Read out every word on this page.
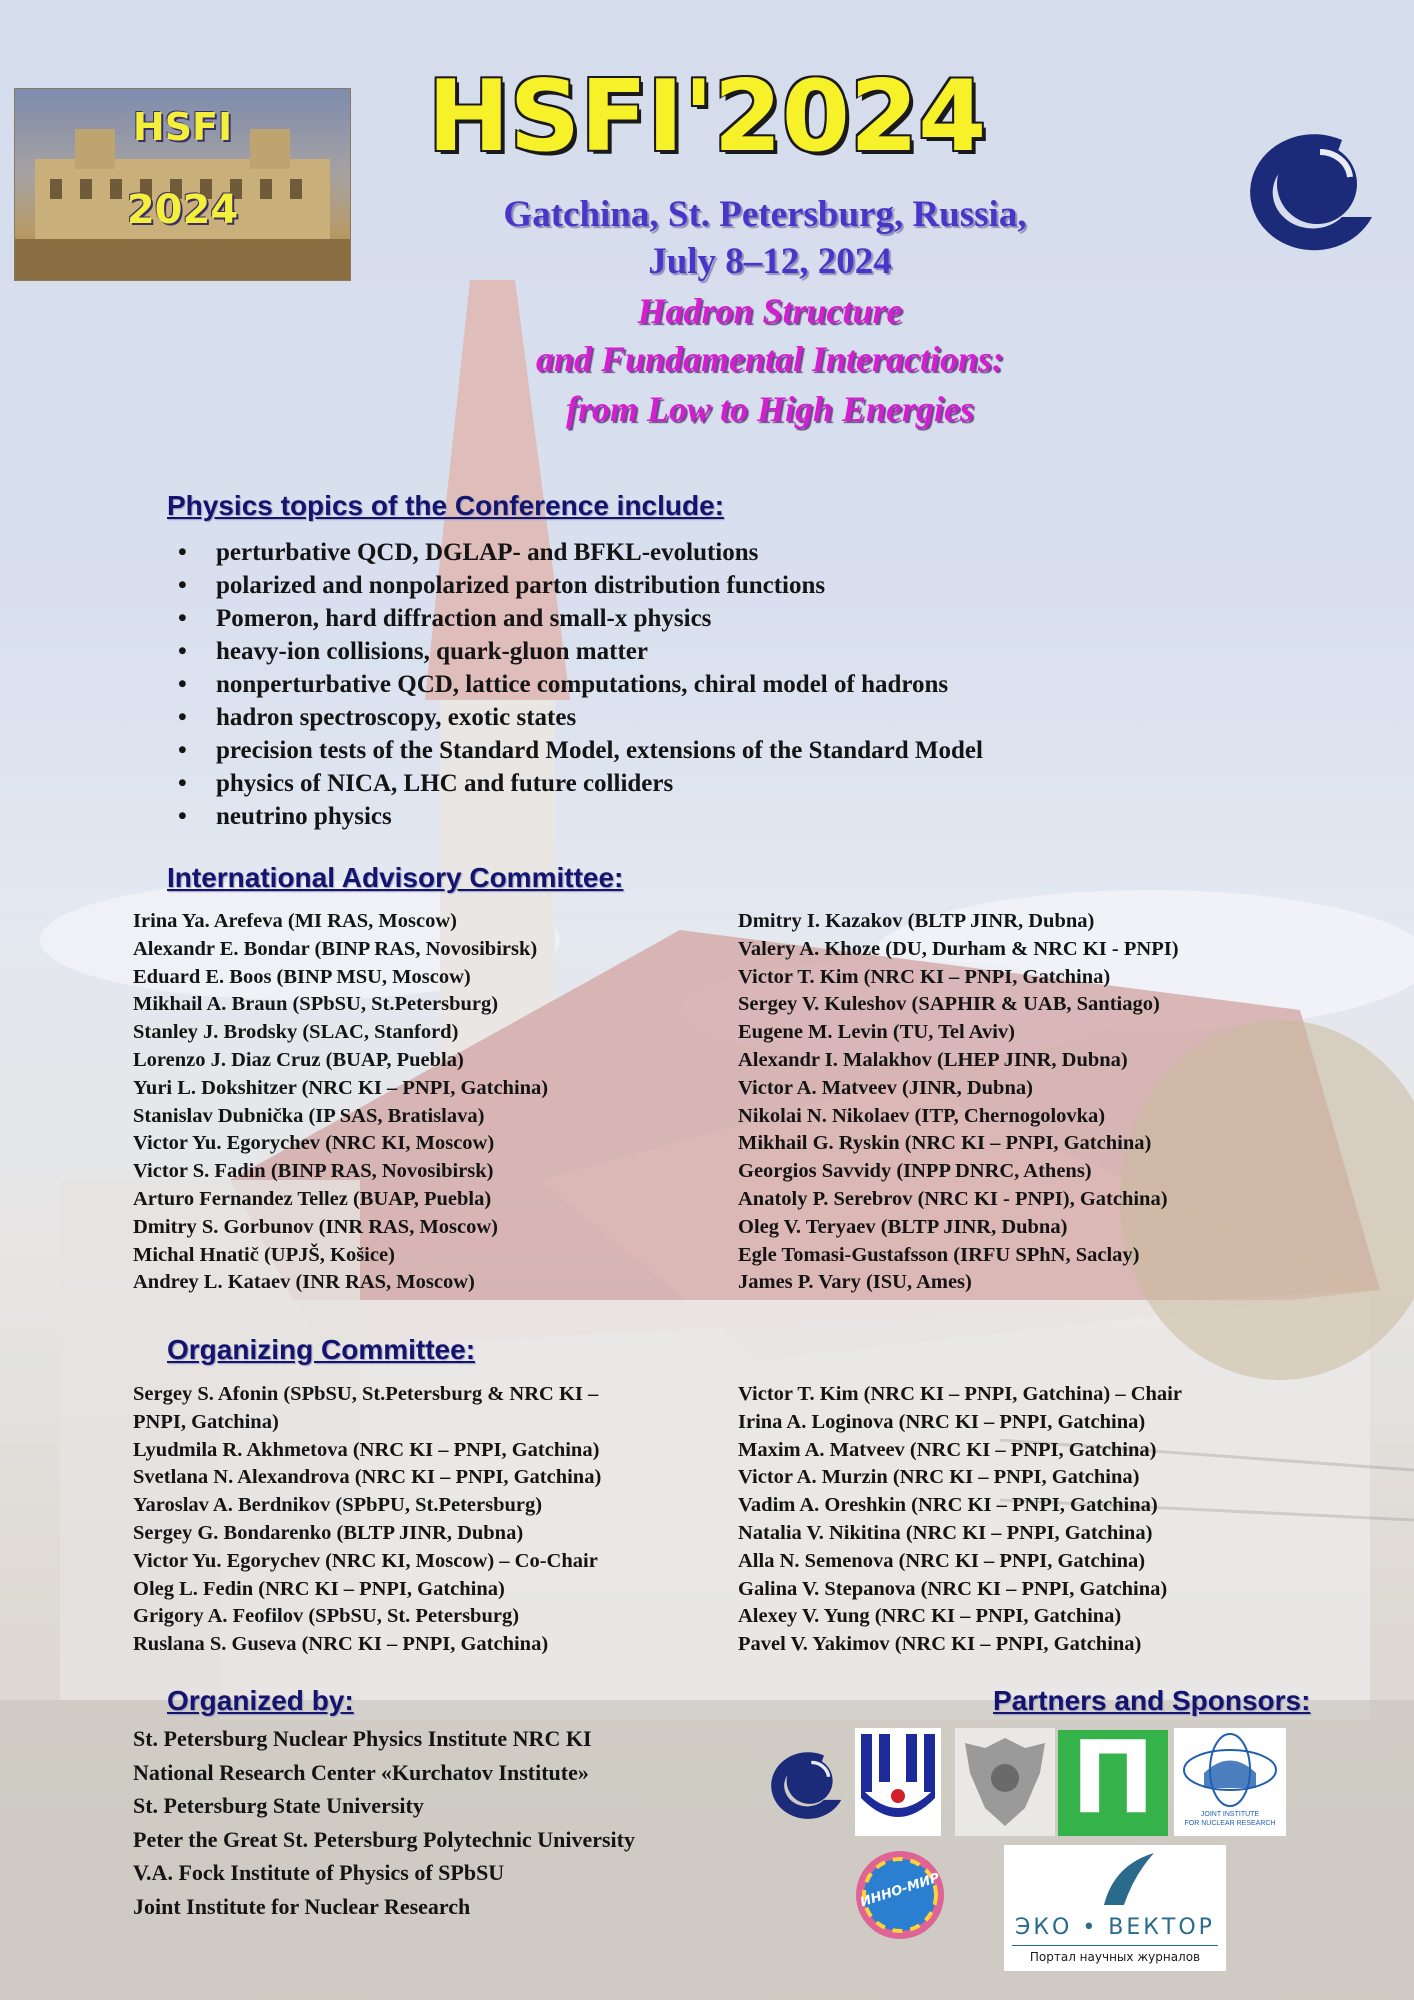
HSFI
2024
HSFI'2024
Gatchina, St. Petersburg, Russia,
July 8–12, 2024
Hadron Structure
and Fundamental Interactions:
from Low to High Energies
Physics topics of the Conference include:
• perturbative QCD, DGLAP- and BFKL-evolutions
• polarized and nonpolarized parton distribution functions
• Pomeron, hard diffraction and small-x physics
• heavy-ion collisions, quark-gluon matter
• nonperturbative QCD, lattice computations, chiral model of hadrons
• hadron spectroscopy, exotic states
• precision tests of the Standard Model, extensions of the Standard Model
• physics of NICA, LHC and future colliders
• neutrino physics
International Advisory Committee:
Irina Ya. Arefeva (MI RAS, Moscow)
Alexandr E. Bondar (BINP RAS, Novosibirsk)
Eduard E. Boos (BINP MSU, Moscow)
Mikhail A. Braun (SPbSU, St.Petersburg)
Stanley J. Brodsky (SLAC, Stanford)
Lorenzo J. Diaz Cruz (BUAP, Puebla)
Yuri L. Dokshitzer (NRC KI – PNPI, Gatchina)
Stanislav Dubnička (IP SAS, Bratislava)
Victor Yu. Egorychev (NRC KI, Moscow)
Victor S. Fadin (BINP RAS, Novosibirsk)
Arturo Fernandez Tellez (BUAP, Puebla)
Dmitry S. Gorbunov (INR RAS, Moscow)
Michal Hnatič (UPJŠ, Košice)
Andrey L. Kataev (INR RAS, Moscow)
Dmitry I. Kazakov (BLTP JINR, Dubna)
Valery A. Khoze (DU, Durham & NRC KI - PNPI)
Victor T. Kim (NRC KI – PNPI, Gatchina)
Sergey V. Kuleshov (SAPHIR & UAB, Santiago)
Eugene M. Levin (TU, Tel Aviv)
Alexandr I. Malakhov (LHEP JINR, Dubna)
Victor A. Matveev (JINR, Dubna)
Nikolai N. Nikolaev (ITP, Chernogolovka)
Mikhail G. Ryskin (NRC KI – PNPI, Gatchina)
Georgios Savvidy (INPP DNRC, Athens)
Anatoly P. Serebrov (NRC KI - PNPI), Gatchina)
Oleg V. Teryaev (BLTP JINR, Dubna)
Egle Tomasi-Gustafsson (IRFU SPhN, Saclay)
James P. Vary (ISU, Ames)
Organizing Committee:
Sergey S. Afonin (SPbSU, St.Petersburg & NRC KI –
PNPI, Gatchina)
Lyudmila R. Akhmetova (NRC KI – PNPI, Gatchina)
Svetlana N. Alexandrova (NRC KI – PNPI, Gatchina)
Yaroslav A. Berdnikov (SPbPU, St.Petersburg)
Sergey G. Bondarenko (BLTP JINR, Dubna)
Victor Yu. Egorychev (NRC KI, Moscow) – Co-Chair
Oleg L. Fedin (NRC KI – PNPI, Gatchina)
Grigory A. Feofilov (SPbSU, St. Petersburg)
Ruslana S. Guseva (NRC KI – PNPI, Gatchina)
Victor T. Kim (NRC KI – PNPI, Gatchina) – Chair
Irina A. Loginova (NRC KI – PNPI, Gatchina)
Maxim A. Matveev (NRC KI – PNPI, Gatchina)
Victor A. Murzin (NRC KI – PNPI, Gatchina)
Vadim A. Oreshkin (NRC KI – PNPI, Gatchina)
Natalia V. Nikitina (NRC KI – PNPI, Gatchina)
Alla N. Semenova (NRC KI – PNPI, Gatchina)
Galina V. Stepanova (NRC KI – PNPI, Gatchina)
Alexey V. Yung (NRC KI – PNPI, Gatchina)
Pavel V. Yakimov (NRC KI – PNPI, Gatchina)
Organized by:
St. Petersburg Nuclear Physics Institute NRC KI
National Research Center «Kurchatov Institute»
St. Petersburg State University
Peter the Great St. Petersburg Polytechnic University
V.A. Fock Institute of Physics of SPbSU
Joint Institute for Nuclear Research
Partners and Sponsors:
Π	JOINT INSTITUTE
FOR NUCLEAR RESEARCH
ИННО-МИР
ЭКО • ВЕКТОР
Портал научных журналов
